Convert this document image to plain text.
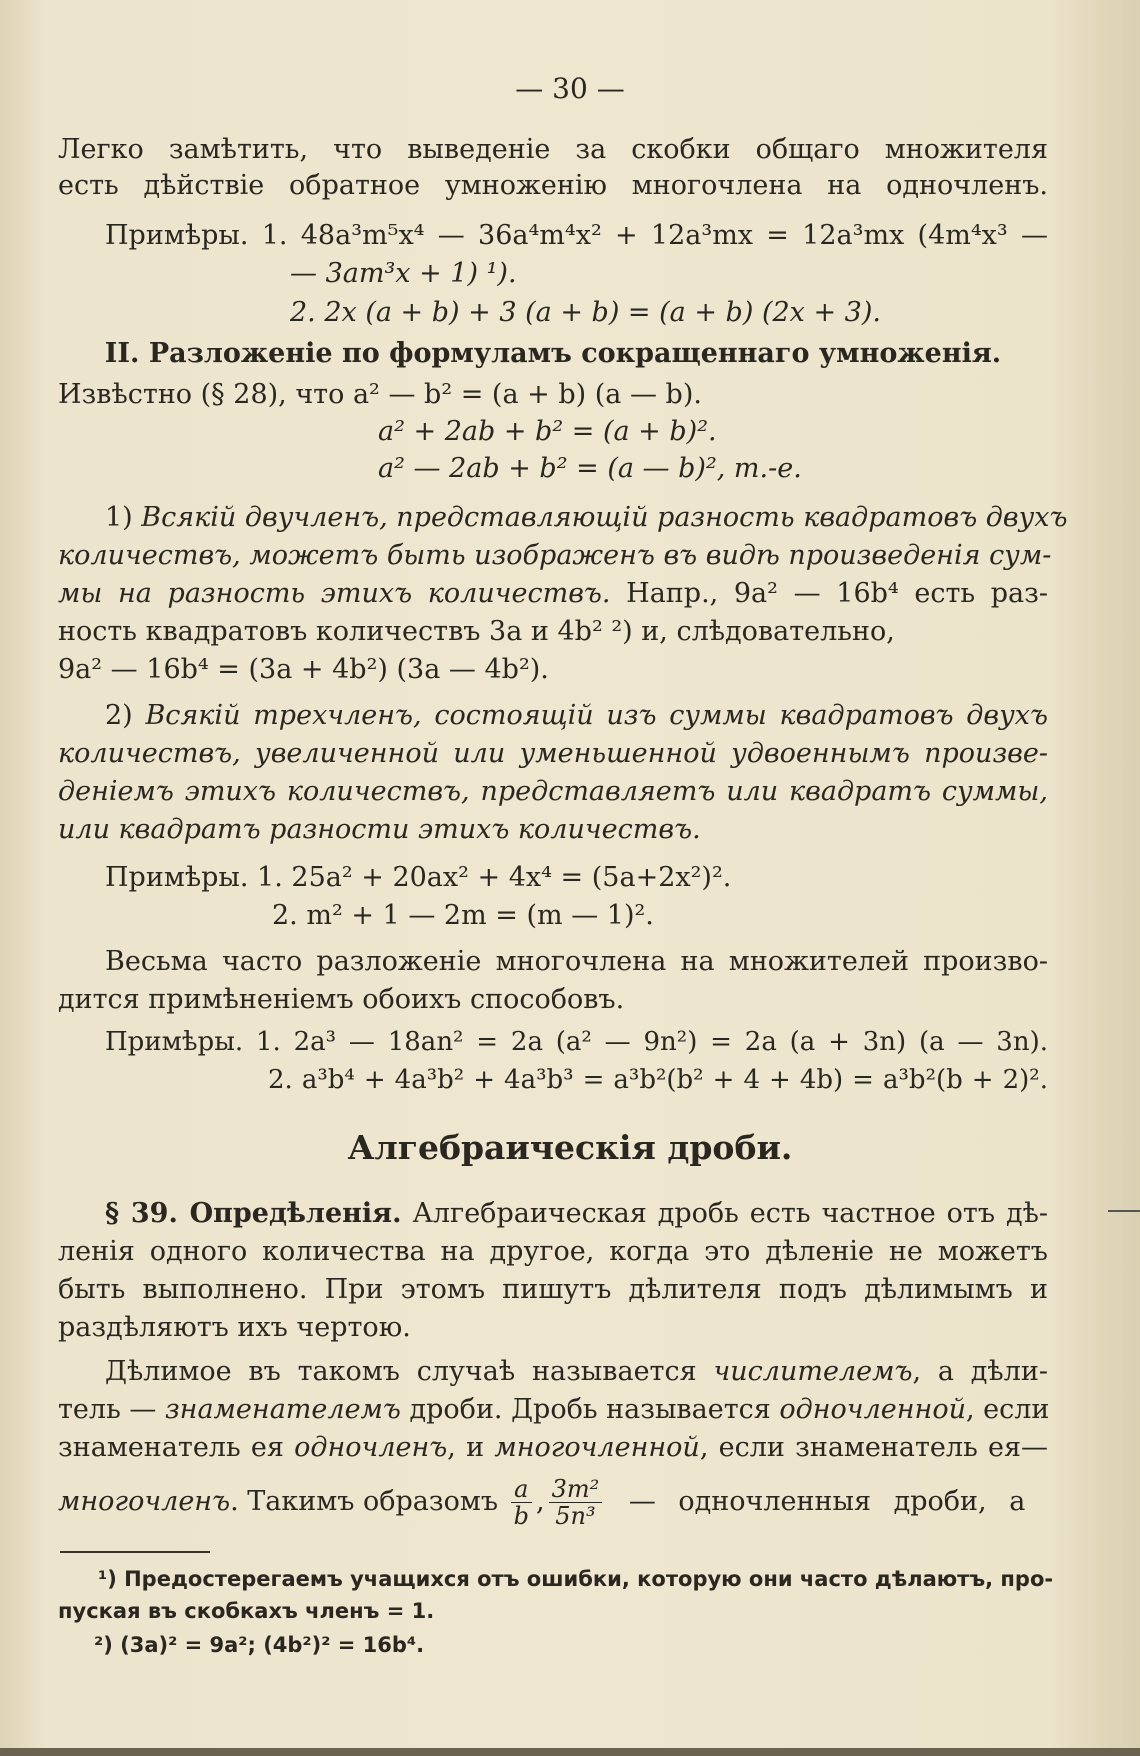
— 30 —
Легко замѣтить, что выведеніе за скобки общаго множителя
есть дѣйствіе обратное умноженію многочлена на одночленъ.
Примѣры. 1. 48a³m⁵x⁴ — 36a⁴m⁴x² + 12a³mx = 12a³mx (4m⁴x³ —
— 3am³x + 1) ¹).
2. 2x (a + b) + 3 (a + b) = (a + b) (2x + 3).
II. Разложеніе по формуламъ сокращеннаго умноженія.
Извѣстно (§ 28), что a² — b² = (a + b) (a — b).
a² + 2ab + b² = (a + b)².
a² — 2ab + b² = (a — b)², т.-е.
1) Всякій двучленъ, представляющій разность квадратовъ двухъ
количествъ, можетъ быть изображенъ въ видѣ произведенія сум-
мы на разность этихъ количествъ. Напр., 9a² — 16b⁴ есть раз-
ность квадратовъ количествъ 3a и 4b² ²) и, слѣдовательно,
9a² — 16b⁴ = (3a + 4b²) (3a — 4b²).
2) Всякій трехчленъ, состоящій изъ суммы квадратовъ двухъ
количествъ, увеличенной или уменьшенной удвоеннымъ произве-
деніемъ этихъ количествъ, представляетъ или квадратъ суммы,
или квадратъ разности этихъ количествъ.
Примѣры. 1. 25a² + 20ax² + 4x⁴ = (5a+2x²)².
2. m² + 1 — 2m = (m — 1)².
Весьма часто разложеніе многочлена на множителей произво-
дится примѣненіемъ обоихъ способовъ.
Примѣры. 1. 2a³ — 18an² = 2a (a² — 9n²) = 2a (a + 3n) (a — 3n).
2. a³b⁴ + 4a³b² + 4a³b³ = a³b²(b² + 4 + 4b) = a³b²(b + 2)².
Алгебраическія дроби.
§ 39. Опредѣленія. Алгебраическая дробь есть частное отъ дѣ-
ленія одного количества на другое, когда это дѣленіе не можетъ
быть выполнено. При этомъ пишутъ дѣлителя подъ дѣлимымъ и
раздѣляютъ ихъ чертою.
Дѣлимое въ такомъ случаѣ называется числителемъ, а дѣли-
тель — знаменателемъ дроби. Дробь называется одночленной, если
знаменатель ея одночленъ, и многочленной, если знаменатель ея—
многочленъ. Такимъ образомъ $\frac{a}{b}$ , $\frac{\text{3m²}}{\text{5n³}}$ — одночленныя дроби, а
¹) Предостерегаемъ учащихся отъ ошибки, которую они часто дѣлаютъ, про-
пуская въ скобкахъ членъ = 1.
²) (3a)² = 9a²; (4b²)² = 16b⁴.
